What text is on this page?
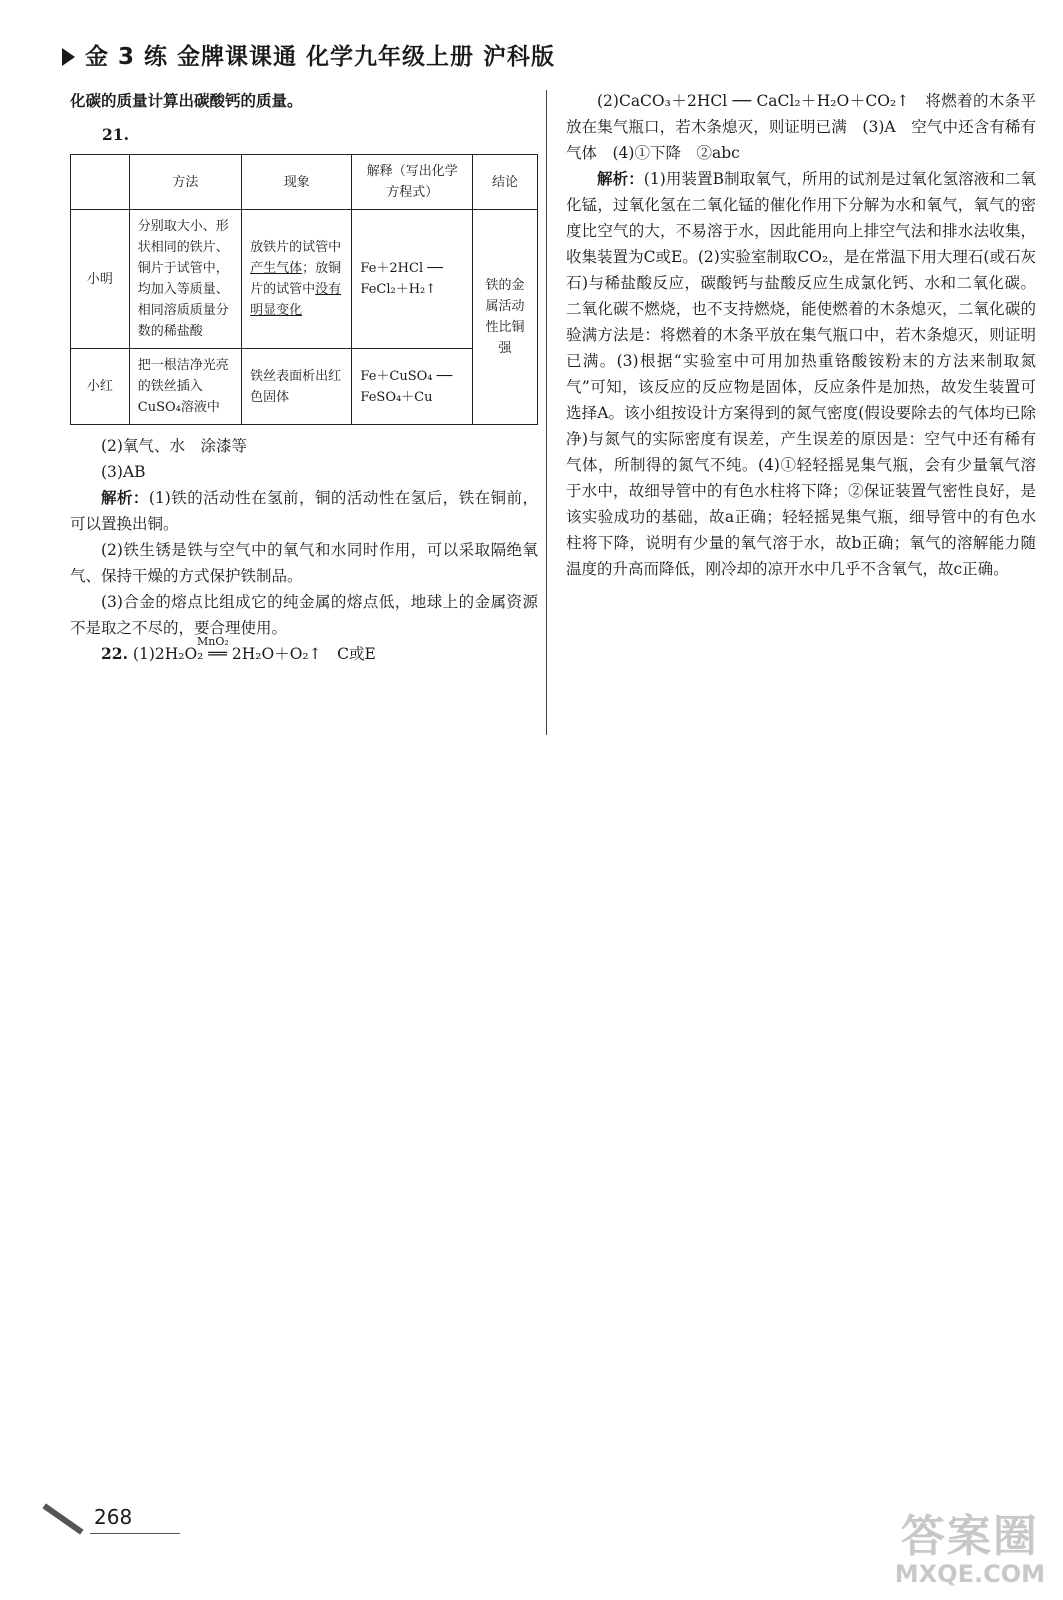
金 3 练 金牌课课通 化学九年级上册 沪科版

化碳的质量计算出碳酸钙的质量。

21.
	方法	现象	解释（写出化学方程式）	结论
小明	分别取大小、形状相同的铁片、铜片于试管中，均加入等质量、相同溶质质量分数的稀盐酸	放铁片的试管中产生气体；放铜片的试管中没有明显变化	Fe＋2HCl ── FeCl₂＋H₂↑	铁的金属活动性比铜强
小红	把一根洁净光亮的铁丝插入CuSO₄溶液中	铁丝表面析出红色固体	Fe＋CuSO₄ ── FeSO₄＋Cu	

(2)氧气、水　涂漆等

(3)AB

解析：(1)铁的活动性在氢前，铜的活动性在氢后，铁在铜前，可以置换出铜。

(2)铁生锈是铁与空气中的氧气和水同时作用，可以采取隔绝氧气、保持干燥的方式保护铁制品。

(3)合金的熔点比组成它的纯金属的熔点低，地球上的金属资源不是取之不尽的，要合理使用。

22.
MnO₂
(1)2H₂O₂ ══ 2H₂O＋O₂↑　C或E

(2)CaCO₃＋2HCl ── CaCl₂＋H₂O＋CO₂↑　将燃着的木条平放在集气瓶口，若木条熄灭，则证明已满　(3)A　空气中还含有稀有气体　(4)①下降　②abc

解析：(1)用装置B制取氧气，所用的试剂是过氧化氢溶液和二氧化锰，过氧化氢在二氧化锰的催化作用下分解为水和氧气，氧气的密度比空气的大，不易溶于水，因此能用向上排空气法和排水法收集，收集装置为C或E。(2)实验室制取CO₂，是在常温下用大理石(或石灰石)与稀盐酸反应，碳酸钙与盐酸反应生成氯化钙、水和二氧化碳。二氧化碳不燃烧，也不支持燃烧，能使燃着的木条熄灭，二氧化碳的验满方法是：将燃着的木条平放在集气瓶口中，若木条熄灭，则证明已满。(3)根据“实验室中可用加热重铬酸铵粉末的方法来制取氮气”可知，该反应的反应物是固体，反应条件是加热，故发生装置可选择A。该小组按设计方案得到的氮气密度(假设要除去的气体均已除净)与氮气的实际密度有误差，产生误差的原因是：空气中还有稀有气体，所制得的氮气不纯。(4)①轻轻摇晃集气瓶，会有少量氧气溶于水中，故细导管中的有色水柱将下降；②保证装置气密性良好，是该实验成功的基础，故a正确；轻轻摇晃集气瓶，细导管中的有色水柱将下降，说明有少量的氧气溶于水，故b正确；氧气的溶解能力随温度的升高而降低，刚冷却的凉开水中几乎不含氧气，故c正确。

268	答案圈
MXQE.COM
